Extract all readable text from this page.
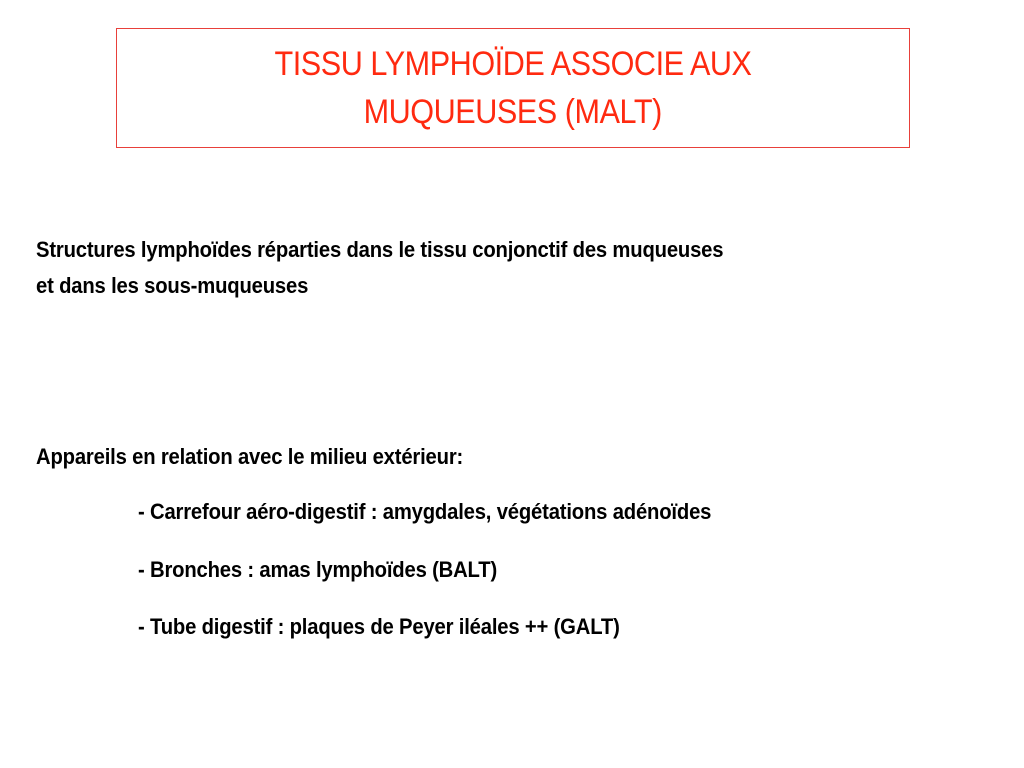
TISSU LYMPHOÏDE ASSOCIE AUX
MUQUEUSES (MALT)
Structures lymphoïdes réparties dans le tissu conjonctif des muqueuses
et dans les sous-muqueuses
Appareils en relation avec le milieu extérieur:
- Carrefour aéro-digestif : amygdales, végétations adénoïdes
- Bronches : amas lymphoïdes (BALT)
- Tube digestif : plaques de Peyer iléales ++ (GALT)
